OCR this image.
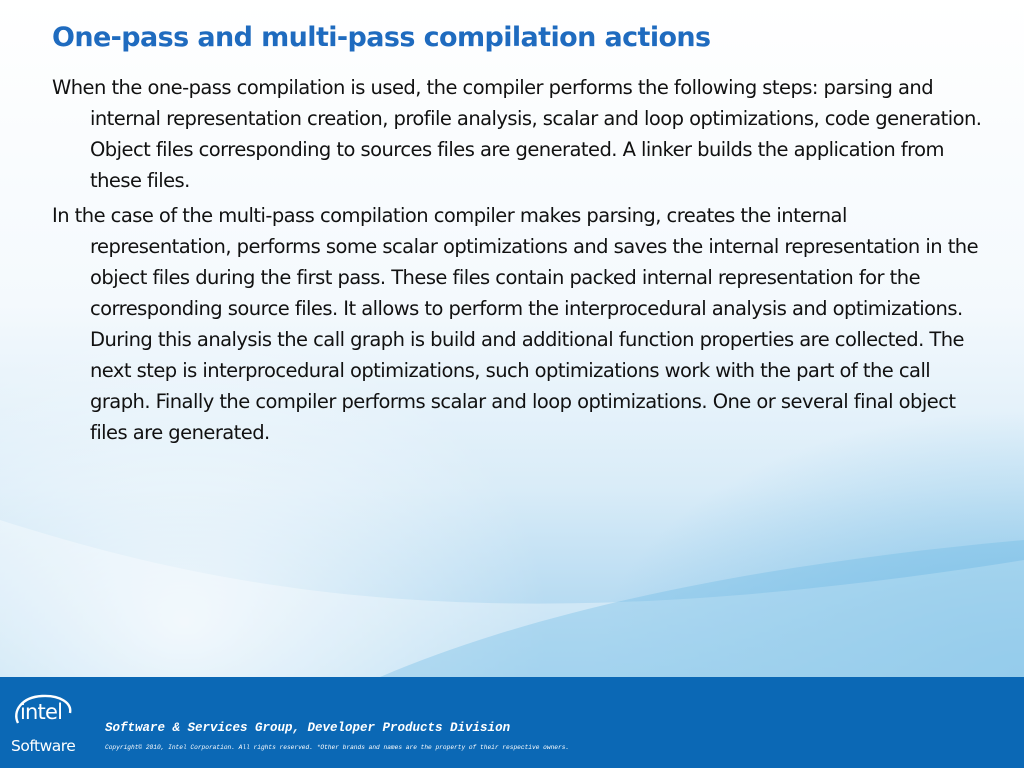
One-pass and multi-pass compilation actions

When the one-pass compilation is used, the compiler performs the following steps: parsing and internal representation creation, profile analysis, scalar and loop optimizations, code generation. Object files corresponding to sources files are generated. A linker builds the application from these files.

In the case of the multi-pass compilation compiler makes parsing, creates the internal representation, performs some scalar optimizations and saves the internal representation in the object files during the first pass. These files contain packed internal representation for the corresponding source files. It allows to perform the interprocedural analysis and optimizations. During this analysis the call graph is build and additional function properties are collected. The next step is interprocedural optimizations, such optimizations work with the part of the call graph. Finally the compiler performs scalar and loop optimizations. One or several final object files are generated.

intel
Software
Software & Services Group, Developer Products Division
Copyright© 2010, Intel Corporation. All rights reserved. *Other brands and names are the property of their respective owners.
